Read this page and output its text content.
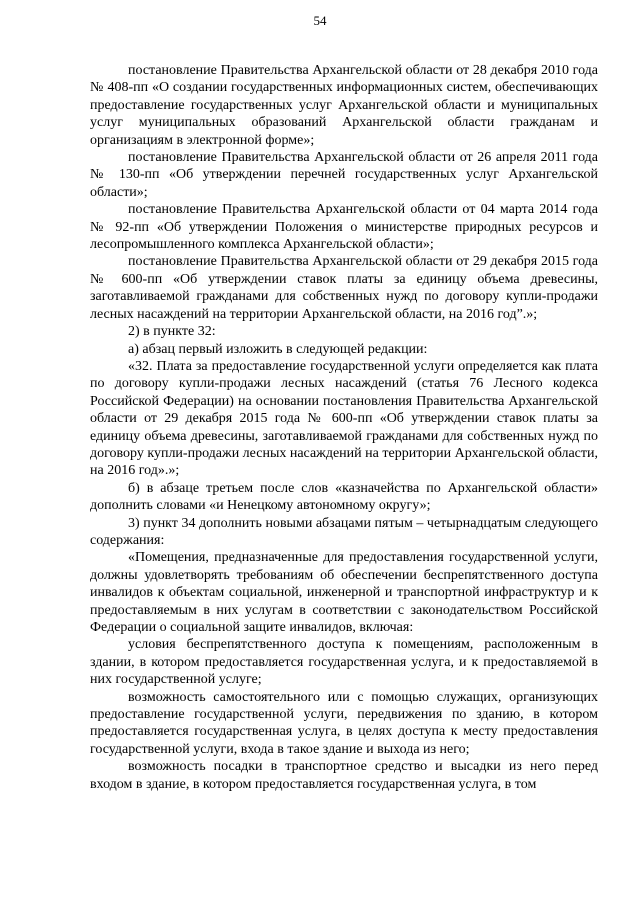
54

постановление Правительства Архангельской области от 28 декабря 2010 года № 408-пп «О создании государственных информационных систем, обеспечивающих предоставление государственных услуг Архангельской области и муниципальных услуг муниципальных образований Архангельской области гражданам и организациям в электронной форме»;

постановление Правительства Архангельской области от 26 апреля 2011 года № 130-пп «Об утверждении перечней государственных услуг Архангельской области»;

постановление Правительства Архангельской области от 04 марта 2014 года № 92-пп «Об утверждении Положения о министерстве природных ресурсов и лесопромышленного комплекса Архангельской области»;

постановление Правительства Архангельской области от 29 декабря 2015 года № 600-пп «Об утверждении ставок платы за единицу объема древесины, заготавливаемой гражданами для собственных нужд по договору купли-продажи лесных насаждений на территории Архангельской области, на 2016 год”.»;

2) в пункте 32:

а) абзац первый изложить в следующей редакции:

«32. Плата за предоставление государственной услуги определяется как плата по договору купли-продажи лесных насаждений (статья 76 Лесного кодекса Российской Федерации) на основании постановления Правительства Архангельской области от 29 декабря 2015 года № 600-пп «Об утверждении ставок платы за единицу объема древесины, заготавливаемой гражданами для собственных нужд по договору купли-продажи лесных насаждений на территории Архангельской области, на 2016 год».»;

б) в абзаце третьем после слов «казначейства по Архангельской области» дополнить словами «и Ненецкому автономному округу»;

3) пункт 34 дополнить новыми абзацами пятым – четырнадцатым следующего содержания:

«Помещения, предназначенные для предоставления государственной услуги, должны удовлетворять требованиям об обеспечении беспрепятственного доступа инвалидов к объектам социальной, инженерной и транспортной инфраструктур и к предоставляемым в них услугам в соответствии с законодательством Российской Федерации о социальной защите инвалидов, включая:

условия беспрепятственного доступа к помещениям, расположенным в здании, в котором предоставляется государственная услуга, и к предоставляемой в них государственной услуге;

возможность самостоятельного или с помощью служащих, организующих предоставление государственной услуги, передвижения по зданию, в котором предоставляется государственная услуга, в целях доступа к месту предоставления государственной услуги, входа в такое здание и выхода из него;

возможность посадки в транспортное средство и высадки из него перед входом в здание, в котором предоставляется государственная услуга, в том
